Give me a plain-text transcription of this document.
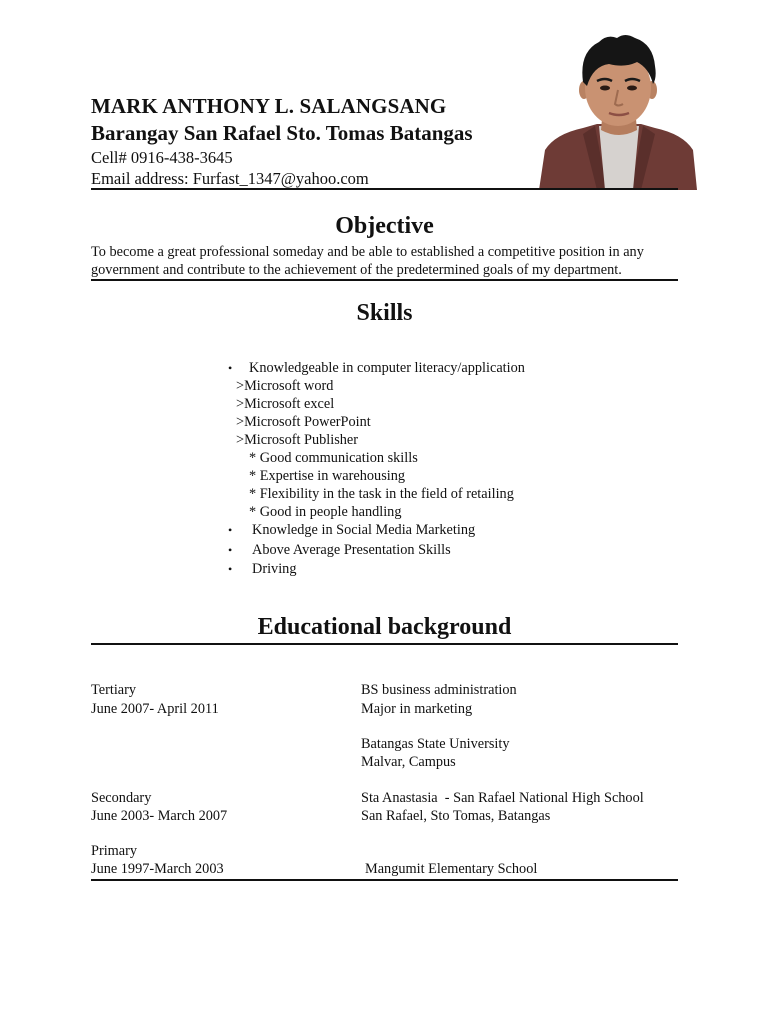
MARK ANTHONY L. SALANGSANG
Barangay San Rafael Sto. Tomas Batangas
Cell# 0916-438-3645
Email address: Furfast_1347@yahoo.com
Objective
To become a great professional someday and be able to established a competitive position in any government and contribute to the achievement of the predetermined goals of my department.
Skills
• Knowledgeable in computer literacy/application
>Microsoft word
>Microsoft excel
>Microsoft PowerPoint
>Microsoft Publisher
* Good communication skills
* Expertise in warehousing
* Flexibility in the task in the field of retailing
* Good in people handling
• Knowledge in Social Media Marketing
• Above Average Presentation Skills
• Driving
Educational background
Tertiary
June 2007- April 2011
BS business administration
Major in marketing
Batangas State University
Malvar, Campus
Secondary
June 2003- March 2007
Sta Anastasia  - San Rafael National High School
San Rafael, Sto Tomas, Batangas
Primary
June 1997-March 2003	Mangumit Elementary School
